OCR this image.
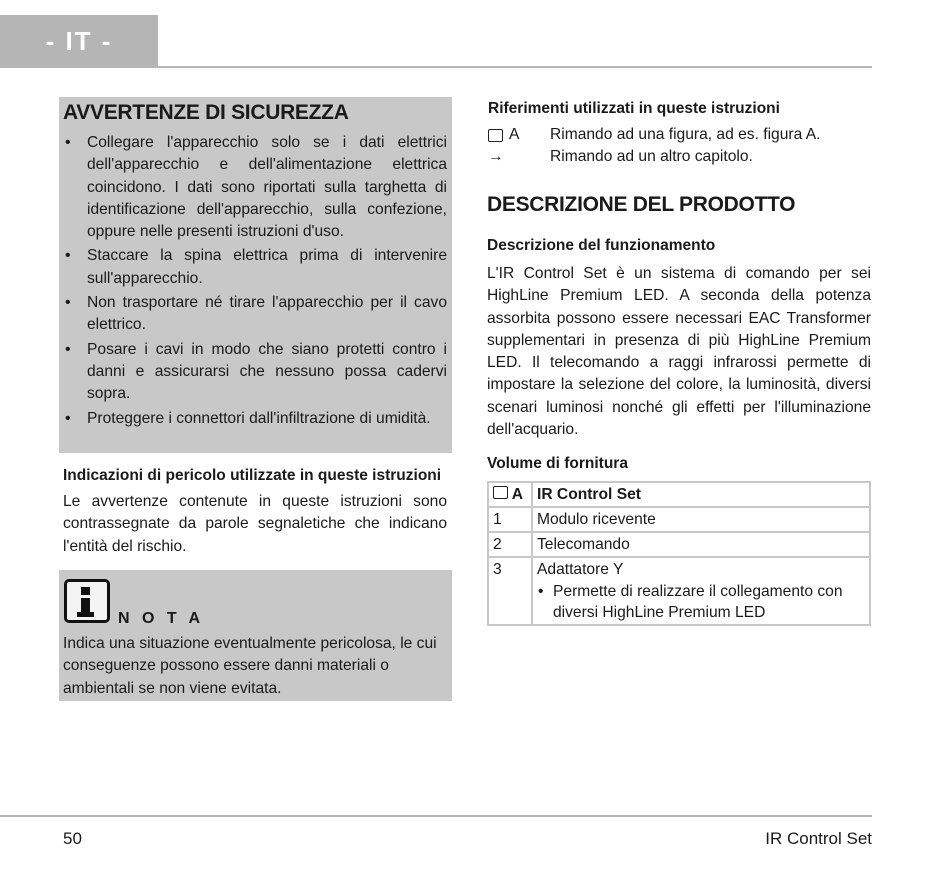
- IT -
AVVERTENZE DI SICUREZZA
• Collegare l'apparecchio solo se i dati elettrici dell'apparecchio e dell'alimentazione elettrica coincidono. I dati sono riportati sulla targhetta di identificazione dell'apparecchio, sulla confezione, oppure nelle presenti istruzioni d'uso.
• Staccare la spina elettrica prima di intervenire sull'apparecchio.
• Non trasportare né tirare l'apparecchio per il cavo elettrico.
• Posare i cavi in modo che siano protetti contro i danni e assicurarsi che nessuno possa cadervi sopra.
• Proteggere i connettori dall'infiltrazione di umidità.
Indicazioni di pericolo utilizzate in queste istruzioni

Le avvertenze contenute in queste istruzioni sono contrassegnate da parole segnaletiche che indicano l'entità del rischio.

N O T A

Indica una situazione eventualmente pericolosa, le cui conseguenze possono essere danni materiali o ambientali se non viene evitata.

Riferimenti utilizzati in queste istruzioni
A Rimando ad una figura, ad es. figura A.
→	Rimando ad un altro capitolo.
DESCRIZIONE DEL PRODOTTO
Descrizione del funzionamento

L'IR Control Set è un sistema di comando per sei HighLine Premium LED. A seconda della potenza assorbita possono essere necessari EAC Transformer supplementari in presenza di più HighLine Premium LED. Il telecomando a raggi infrarossi permette di impostare la selezione del colore, la luminosità, diversi scenari luminosi nonché gli effetti per l'illuminazione dell'acquario.

Volume di fornitura
A	IR Control Set
1	Modulo ricevente
2	Telecomando
3	Adattatore Y
• Permette di realizzare il collegamento con diversi HighLine Premium LED
50	IR Control Set
